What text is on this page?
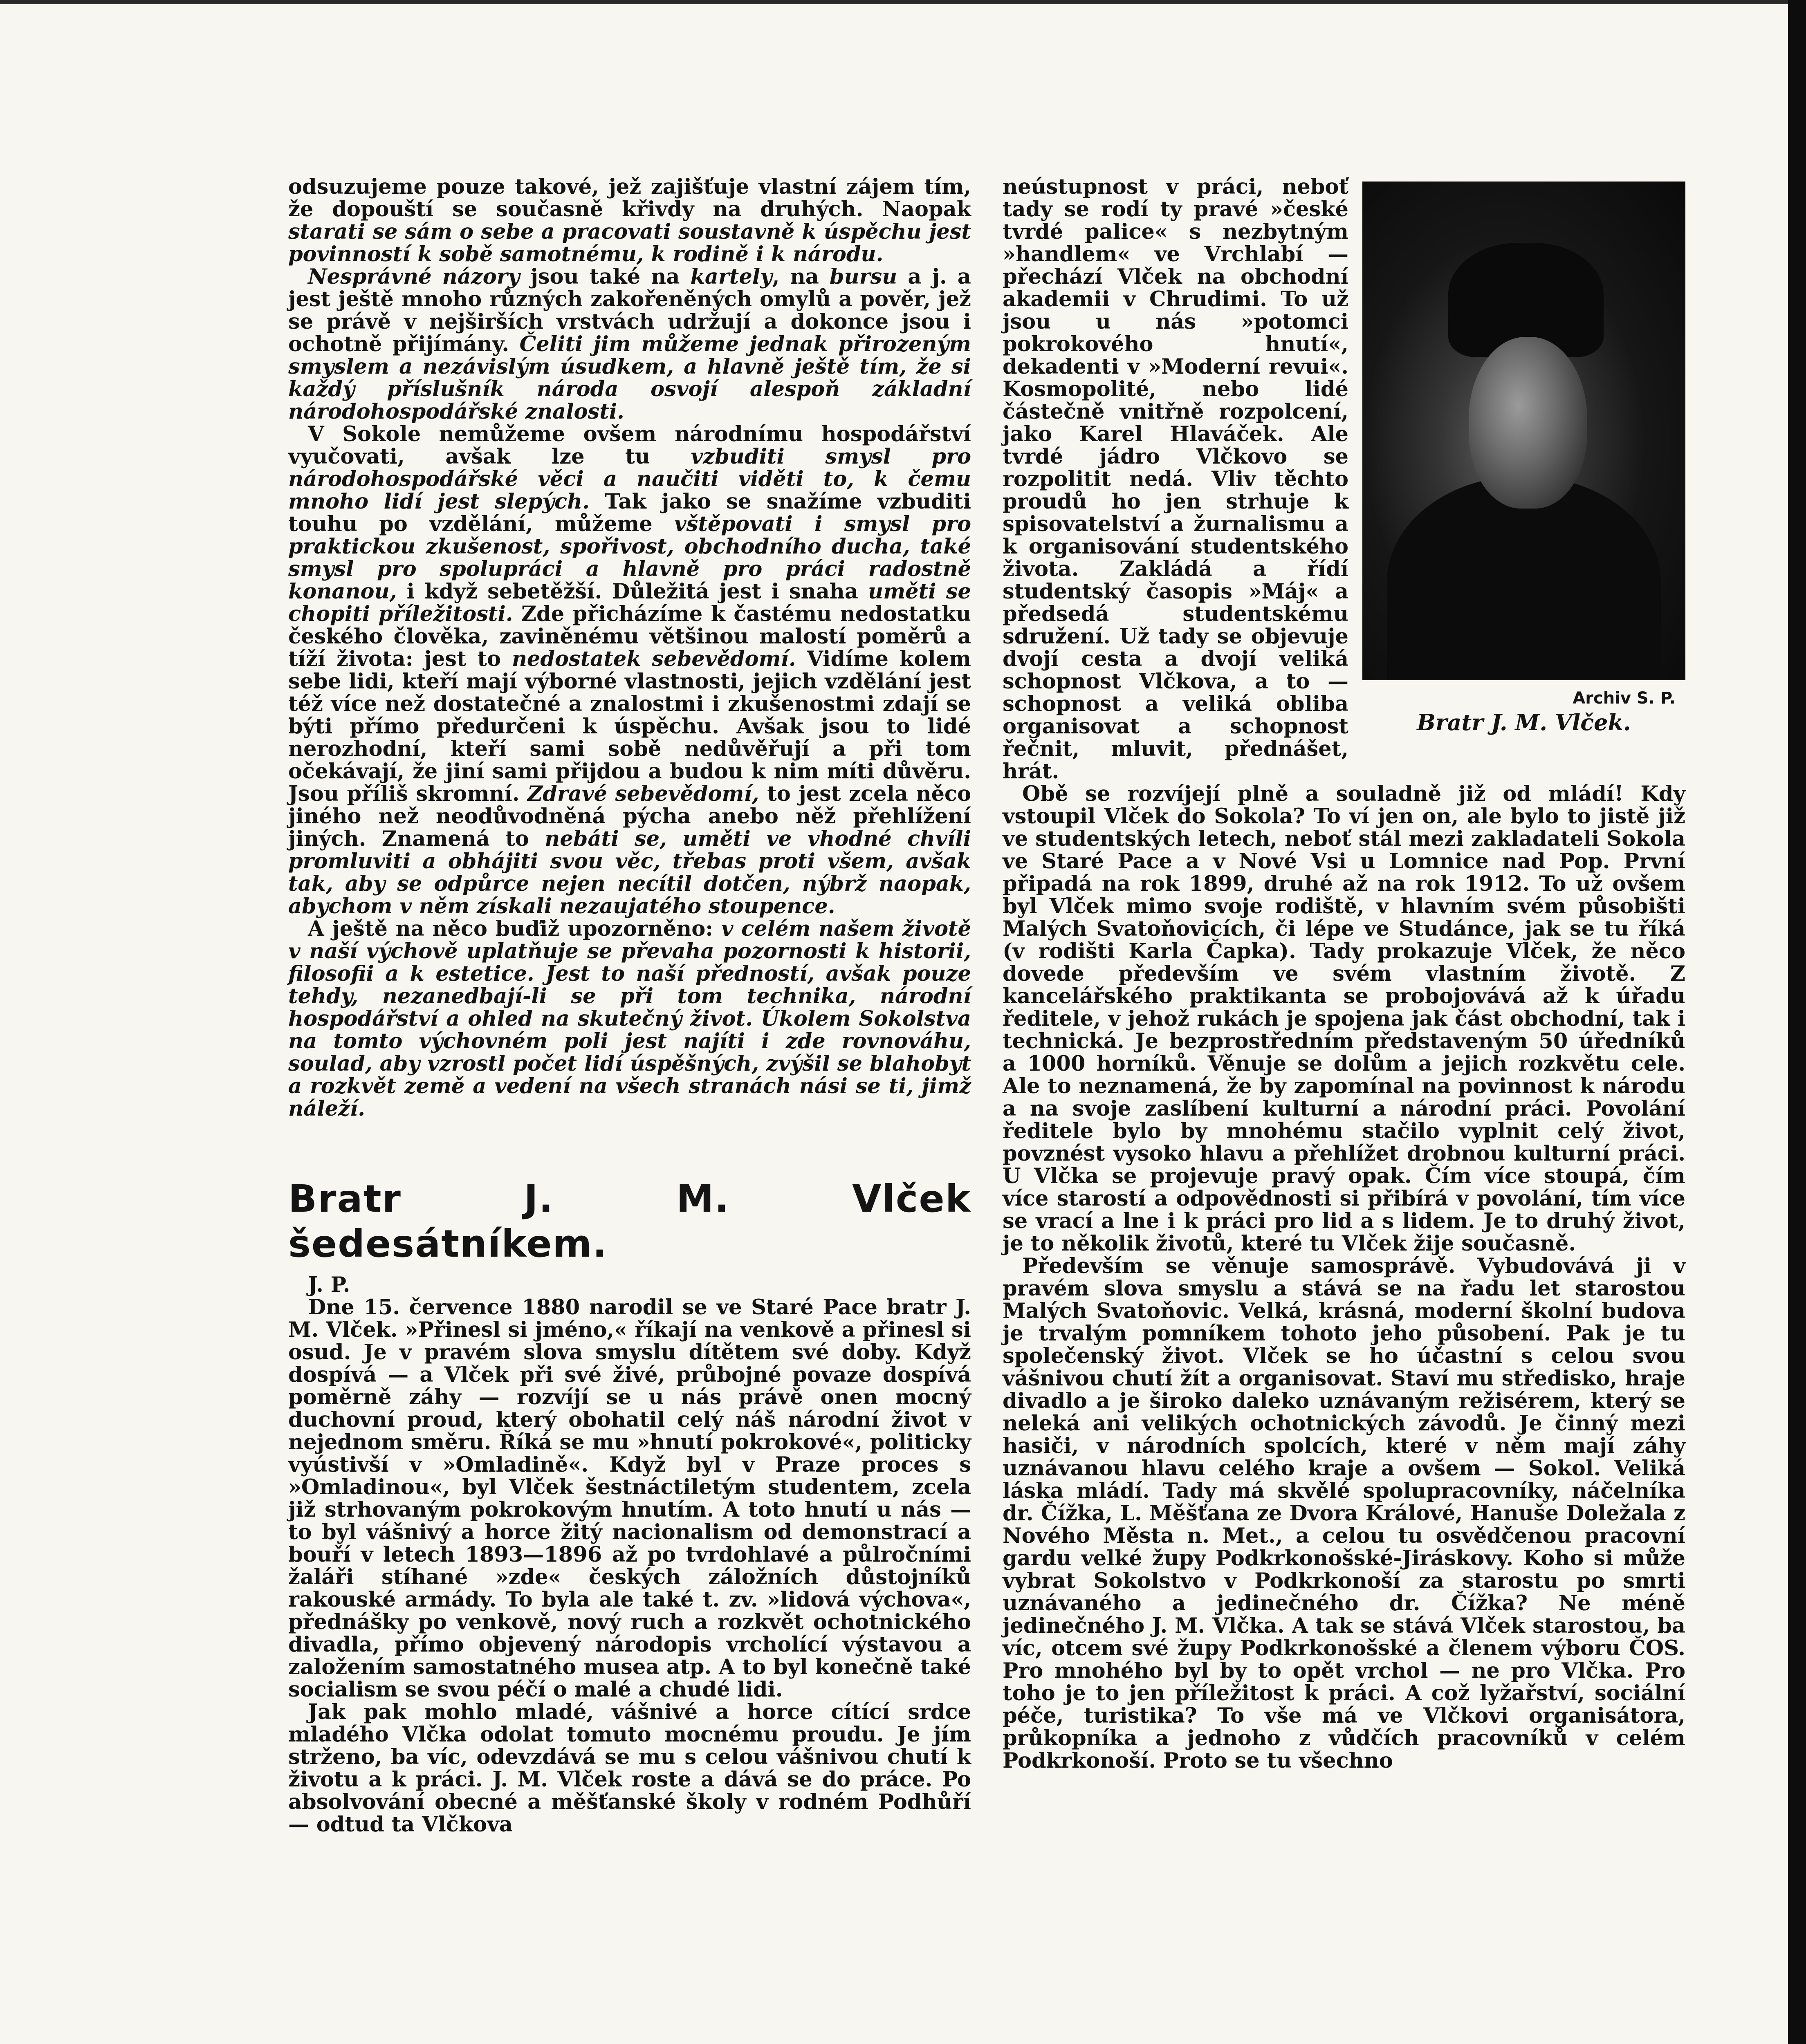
odsuzujeme pouze takové, jež zajišťuje vlastní zájem tím, že dopouští se současně křivdy na druhých. Naopak starati se sám o sebe a pracovati soustavně k úspěchu jest povinností k sobě samotnému, k rodině i k národu.

Nesprávné názory jsou také na kartely, na bursu a j. a jest ještě mnoho různých zakořeněných omylů a pověr, jež se právě v nejširších vrstvách udržují a dokonce jsou i ochotně přijímány. Čeliti jim můžeme jednak přirozeným smyslem a nezávislým úsudkem, a hlavně ještě tím, že si každý příslušník národa osvojí alespoň základní národohospodářské znalosti.

V Sokole nemůžeme ovšem národnímu hospodářství vyučovati, avšak lze tu vzbuditi smysl pro národohospodářské věci a naučiti viděti to, k čemu mnoho lidí jest slepých. Tak jako se snažíme vzbuditi touhu po vzdělání, můžeme vštěpovati i smysl pro praktickou zkušenost, spořivost, obchodního ducha, také smysl pro spolupráci a hlavně pro práci radostně konanou, i když sebetěžší. Důležitá jest i snaha uměti se chopiti příležitosti. Zde přicházíme k častému nedostatku českého člověka, zaviněnému většinou malostí poměrů a tíží života: jest to nedostatek sebevědomí. Vidíme kolem sebe lidi, kteří mají výborné vlastnosti, jejich vzdělání jest též více než dostatečné a znalostmi i zkušenostmi zdají se býti přímo předurčeni k úspěchu. Avšak jsou to lidé nerozhodní, kteří sami sobě nedůvěřují a při tom očekávají, že jiní sami přijdou a budou k nim míti důvěru. Jsou příliš skromní. Zdravé sebevědomí, to jest zcela něco jiného než neodůvodněná pýcha anebo něž přehlížení jiných. Znamená to nebáti se, uměti ve vhodné chvíli promluviti a obhájiti svou věc, třebas proti všem, avšak tak, aby se odpůrce nejen necítil dotčen, nýbrž naopak, abychom v něm získali nezaujatého stoupence.

A ještě na něco buďiž upozorněno: v celém našem životě v naší výchově uplatňuje se převaha pozornosti k historii, filosofii a k estetice. Jest to naší předností, avšak pouze tehdy, nezanedbají-li se při tom technika, národní hospodářství a ohled na skutečný život. Úkolem Sokolstva na tomto výchovném poli jest najíti i zde rovnováhu, soulad, aby vzrostl počet lidí úspěšných, zvýšil se blahobyt a rozkvět země a vedení na všech stranách nási se ti, jimž náleží.

Bratr J. M. Vlček šedesátníkem.

J. P.

Dne 15. července 1880 narodil se ve Staré Pace bratr J. M. Vlček. »Přinesl si jméno,« říkají na venkově a přinesl si osud. Je v pravém slova smyslu dítětem své doby. Když dospívá — a Vlček při své živé, průbojné povaze dospívá poměrně záhy — rozvíjí se u nás právě onen mocný duchovní proud, který obohatil celý náš národní život v nejednom směru. Říká se mu »hnutí pokrokové«, politicky vyústivší v »Omladině«. Když byl v Praze proces s »Omladinou«, byl Vlček šestnáctiletým studentem, zcela již strhovaným pokrokovým hnutím. A toto hnutí u nás — to byl vášnivý a horce žitý nacionalism od demonstrací a bouří v letech 1893—1896 až po tvrdohlavé a půlročními žaláři stíhané »zde« českých záložních důstojníků rakouské armády. To byla ale také t. zv. »lidová výchova«, přednášky po venkově, nový ruch a rozkvět ochotnického divadla, přímo objevený národopis vrcholící výstavou a založením samostatného musea atp. A to byl konečně také socialism se svou péčí o malé a chudé lidi.

Jak pak mohlo mladé, vášnivé a horce cítící srdce mladého Vlčka odolat tomuto mocnému proudu. Je jím strženo, ba víc, odevzdává se mu s celou vášnivou chutí k životu a k práci. J. M. Vlček roste a dává se do práce. Po absolvování obecné a měšťanské školy v rodném Podhůří — odtud ta Vlčkova

Archiv S. P.
Bratr J. M. Vlček.
neústupnost v práci, neboť tady se rodí ty pravé »české tvrdé palice« s nezbytným »handlem« ve Vrchlabí — přechází Vlček na obchodní akademii v Chrudimi. To už jsou u nás »potomci pokrokového hnutí«, dekadenti v »Moderní revui«. Kosmopolité, nebo lidé částečně vnitřně rozpolcení, jako Karel Hlaváček. Ale tvrdé jádro Vlčkovo se rozpolitit nedá. Vliv těchto proudů ho jen strhuje k spisovatelství a žurnalismu a k organisování studentského života. Zakládá a řídí studentský časopis »Máj« a předsedá studentskému sdružení. Už tady se objevuje dvojí cesta a dvojí veliká schopnost Vlčkova, a to — schopnost a veliká obliba organisovat a schopnost řečnit, mluvit, přednášet, hrát.

Obě se rozvíjejí plně a souladně již od mládí! Kdy vstoupil Vlček do Sokola? To ví jen on, ale bylo to jistě již ve studentských letech, neboť stál mezi zakladateli Sokola ve Staré Pace a v Nové Vsi u Lomnice nad Pop. První připadá na rok 1899, druhé až na rok 1912. To už ovšem byl Vlček mimo svoje rodiště, v hlavním svém působišti Malých Svatoňovicích, či lépe ve Studánce, jak se tu říká (v rodišti Karla Čapka). Tady prokazuje Vlček, že něco dovede především ve svém vlastním životě. Z kancelářského praktikanta se probojovává až k úřadu ředitele, v jehož rukách je spojena jak část obchodní, tak i technická. Je bezprostředním představeným 50 úředníků a 1000 horníků. Věnuje se dolům a jejich rozkvětu cele. Ale to neznamená, že by zapomínal na povinnost k národu a na svoje zaslíbení kulturní a národní práci. Povolání ředitele bylo by mnohému stačilo vyplnit celý život, povznést vysoko hlavu a přehlížet drobnou kulturní práci. U Vlčka se projevuje pravý opak. Čím více stoupá, čím více starostí a odpovědnosti si přibírá v povolání, tím více se vrací a lne i k práci pro lid a s lidem. Je to druhý život, je to několik životů, které tu Vlček žije současně.

Především se věnuje samosprávě. Vybudovává ji v pravém slova smyslu a stává se na řadu let starostou Malých Svatoňovic. Velká, krásná, moderní školní budova je trvalým pomníkem tohoto jeho působení. Pak je tu společenský život. Vlček se ho účastní s celou svou vášnivou chutí žít a organisovat. Staví mu středisko, hraje divadlo a je široko daleko uznávaným režisérem, který se neleká ani velikých ochotnických závodů. Je činný mezi hasiči, v národních spolcích, které v něm mají záhy uznávanou hlavu celého kraje a ovšem — Sokol. Veliká láska mládí. Tady má skvělé spolupracovníky, náčelníka dr. Čížka, L. Měšťana ze Dvora Králové, Hanuše Doležala z Nového Města n. Met., a celou tu osvědčenou pracovní gardu velké župy Podkrkonošské-Jiráskovy. Koho si může vybrat Sokolstvo v Podkrkonoší za starostu po smrti uznávaného a jedinečného dr. Čížka? Ne méně jedinečného J. M. Vlčka. A tak se stává Vlček starostou, ba víc, otcem své župy Podkrkonošské a členem výboru ČOS. Pro mnohého byl by to opět vrchol — ne pro Vlčka. Pro toho je to jen příležitost k práci. A což lyžařství, sociální péče, turistika? To vše má ve Vlčkovi organisátora, průkopníka a jednoho z vůdčích pracovníků v celém Podkrkonoší. Proto se tu všechno
